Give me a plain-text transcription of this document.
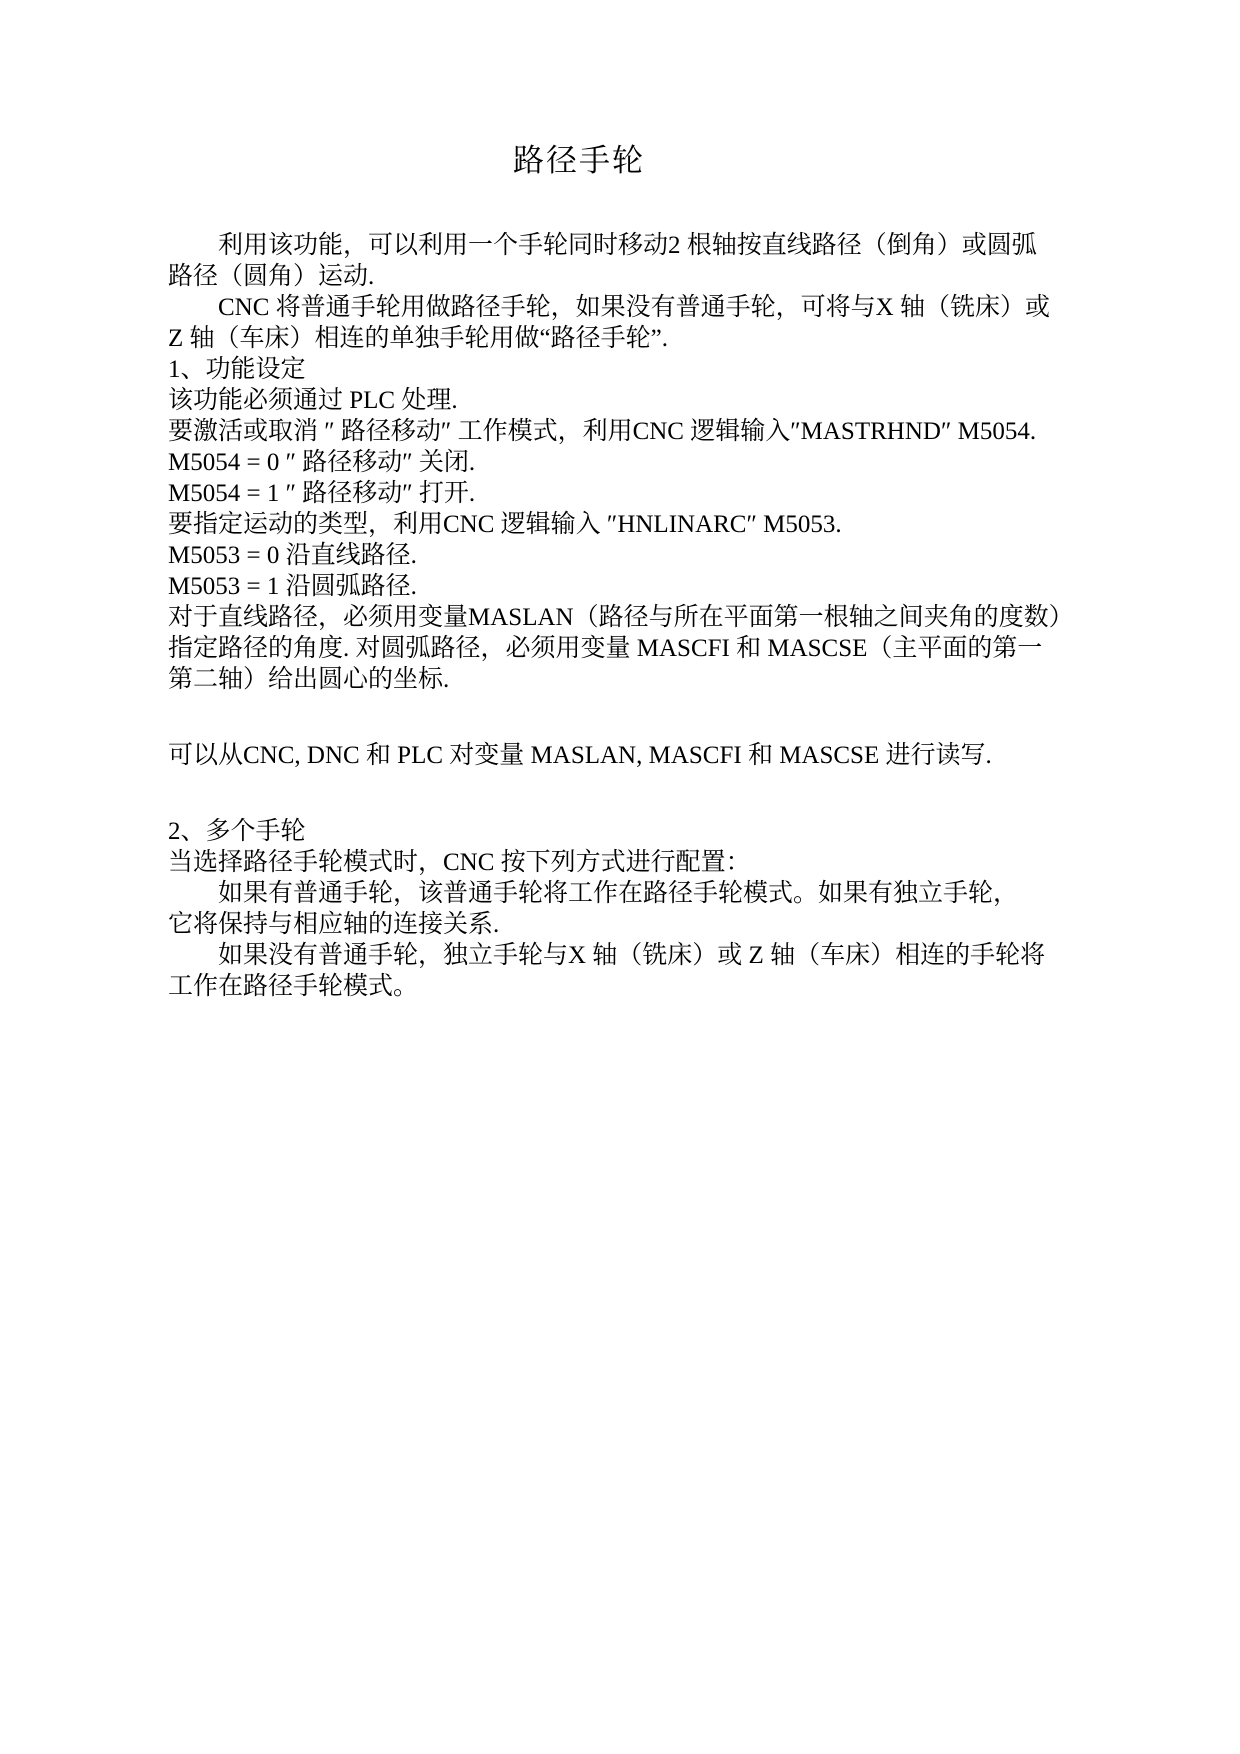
路径手轮
利用该功能，可以利用一个手轮同时移动2 根轴按直线路径（倒角）或圆弧
路径（圆角）运动.
CNC 将普通手轮用做路径手轮，如果没有普通手轮，可将与X 轴（铣床）或
Z 轴（车床）相连的单独手轮用做“路径手轮”.
1、功能设定
该功能必须通过 PLC 处理.
要激活或取消 ″ 路径移动″ 工作模式，利用CNC 逻辑输入″MASTRHND″ M5054.
M5054 = 0 ″ 路径移动″ 关闭.
M5054 = 1 ″ 路径移动″ 打开.
要指定运动的类型，利用CNC 逻辑输入 ″HNLINARC″ M5053.
M5053 = 0 沿直线路径.
M5053 = 1 沿圆弧路径.
对于直线路径，必须用变量MASLAN（路径与所在平面第一根轴之间夹角的度数）
指定路径的角度. 对圆弧路径，必须用变量 MASCFI 和 MASCSE（主平面的第一
第二轴）给出圆心的坐标.
可以从CNC, DNC 和 PLC 对变量 MASLAN, MASCFI 和 MASCSE 进行读写.
2、多个手轮
当选择路径手轮模式时，CNC 按下列方式进行配置：
如果有普通手轮，该普通手轮将工作在路径手轮模式。如果有独立手轮，
它将保持与相应轴的连接关系.
如果没有普通手轮，独立手轮与X 轴（铣床）或 Z 轴（车床）相连的手轮将
工作在路径手轮模式。
